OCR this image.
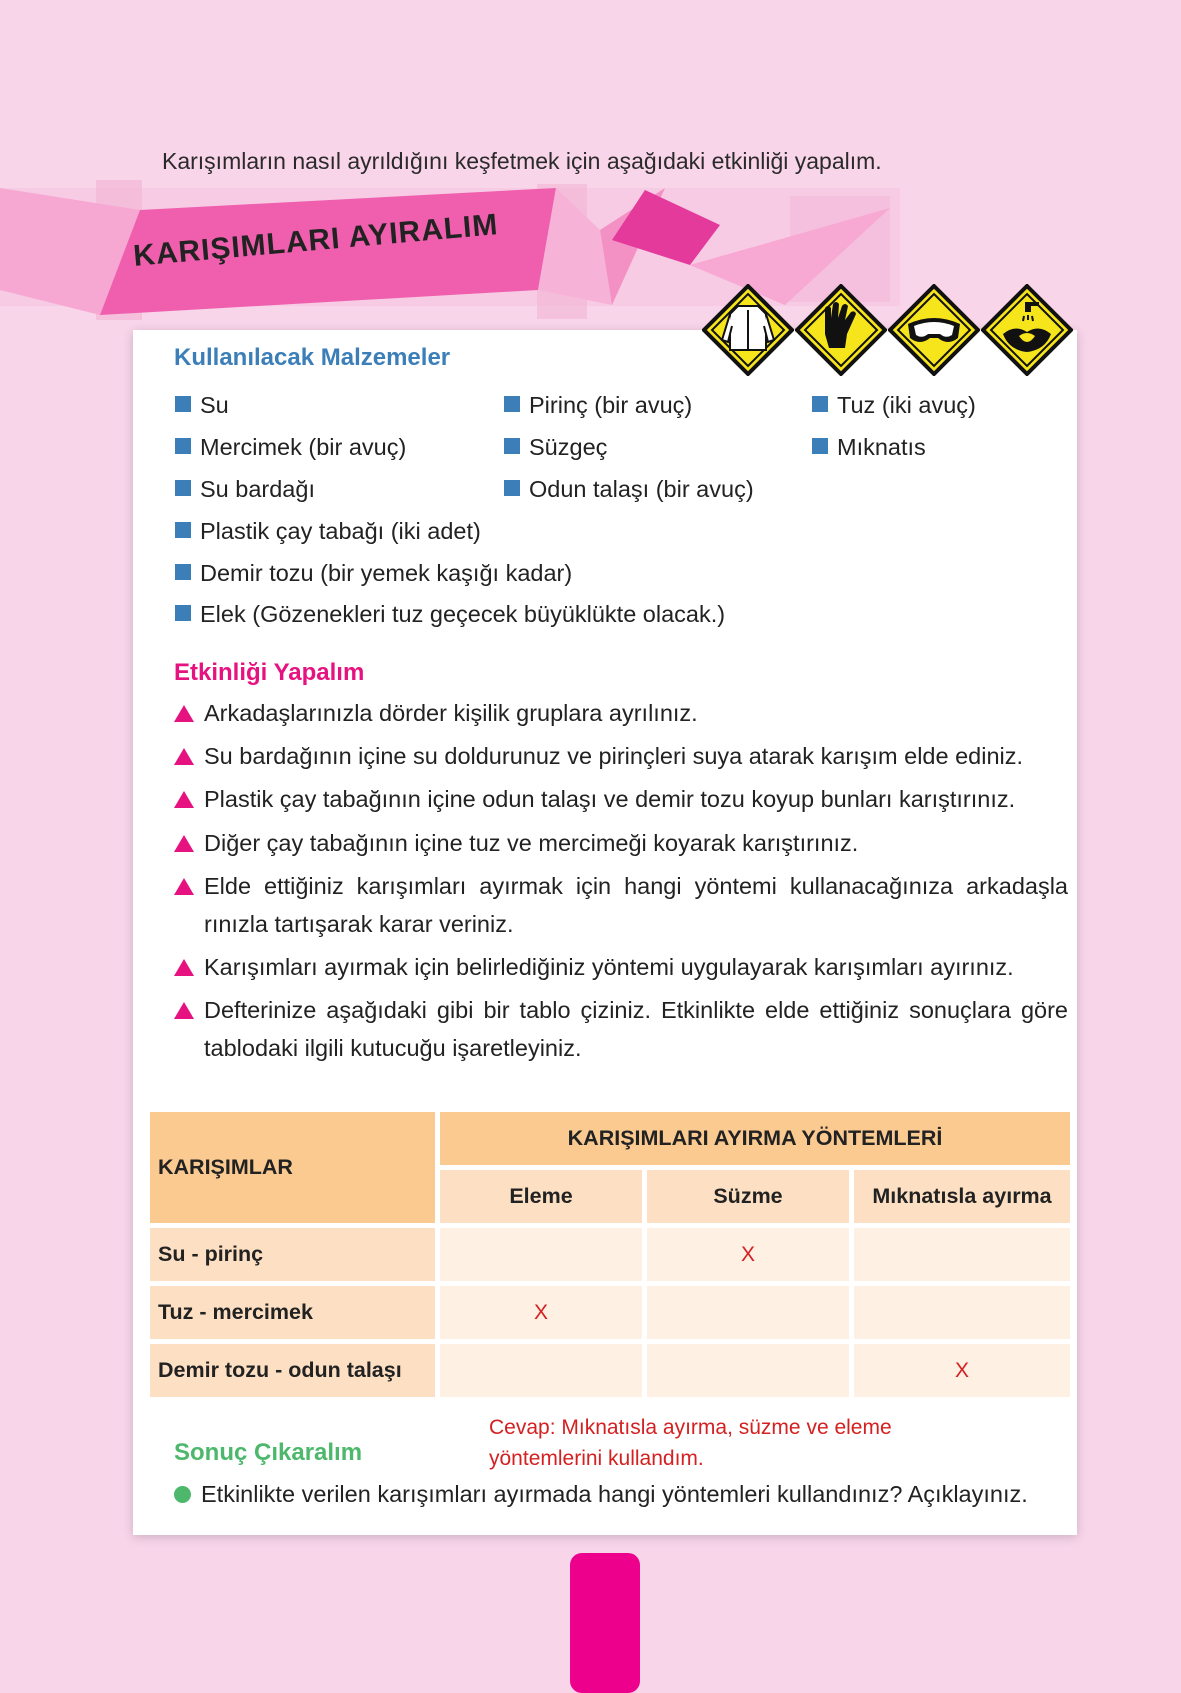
Karışımların nasıl ayrıldığını keşfetmek için aşağıdaki etkinliği yapalım.
KARIŞIMLARI AYIRALIM
Kullanılacak Malzemeler
Su
Mercimek (bir avuç)
Su bardağı
Plastik çay tabağı (iki adet)
Demir tozu (bir yemek kaşığı kadar)
Elek (Gözenekleri tuz geçecek büyüklükte olacak.)
Pirinç (bir avuç)
Süzgeç
Odun talaşı (bir avuç)
Tuz (iki avuç)
Mıknatıs
Etkinliği Yapalım
Arkadaşlarınızla dörder kişilik gruplara ayrılınız.
Su bardağının içine su doldurunuz ve pirinçleri suya atarak karışım elde ediniz.
Plastik çay tabağının içine odun talaşı ve demir tozu koyup bunları karıştırınız.
Diğer çay tabağının içine tuz ve mercimeği koyarak karıştırınız.
Elde ettiğiniz karışımları ayırmak için hangi yöntemi kullanacağınıza arkadaşla rınızla tartışarak karar veriniz.
Karışımları ayırmak için belirlediğiniz yöntemi uygulayarak karışımları ayırınız.
Defterinize aşağıdaki gibi bir tablo çiziniz. Etkinlikte elde ettiğiniz sonuçlara göre tablodaki ilgili kutucuğu işaretleyiniz.
KARIŞIMLAR	KARIŞIMLARI AYIRMA YÖNTEMLERİ		
	Eleme	Süzme	Mıknatısla ayırma
Su - pirinç		X	
Tuz - mercimek	X		
Demir tozu - odun talaşı			X
Cevap: Mıknatısla ayırma, süzme ve eleme yöntemlerini kullandım.
Sonuç Çıkaralım
Etkinlikte verilen karışımları ayırmada hangi yöntemleri kullandınız? Açıklayınız.
